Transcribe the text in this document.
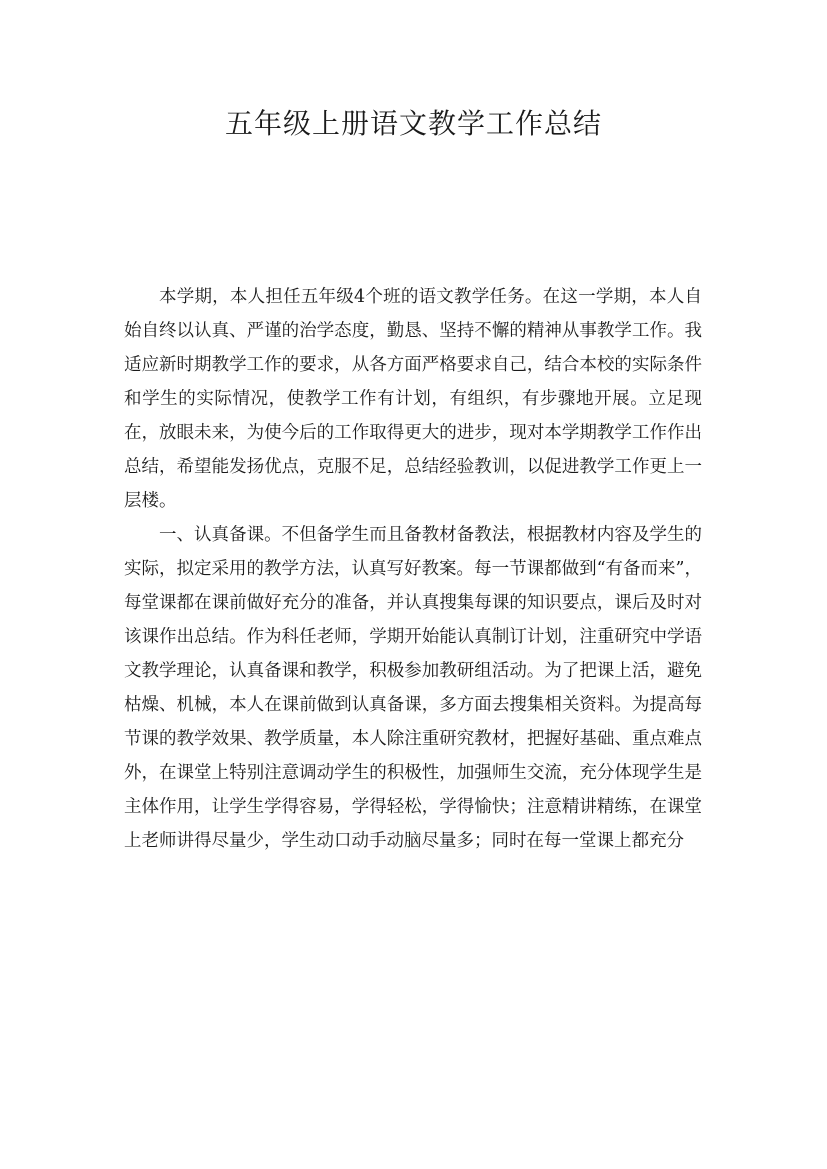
五年级上册语文教学工作总结

本学期，本人担任五年级4个班的语文教学任务。在这一学期，本人自始自终以认真、严谨的治学态度，勤恳、坚持不懈的精神从事教学工作。我适应新时期教学工作的要求，从各方面严格要求自己，结合本校的实际条件和学生的实际情况，使教学工作有计划，有组织，有步骤地开展。立足现在，放眼未来，为使今后的工作取得更大的进步，现对本学期教学工作作出总结，希望能发扬优点，克服不足，总结经验教训，以促进教学工作更上一层楼。

一、认真备课。不但备学生而且备教材备教法，根据教材内容及学生的实际，拟定采用的教学方法，认真写好教案。每一节课都做到“有备而来”，每堂课都在课前做好充分的准备，并认真搜集每课的知识要点，课后及时对该课作出总结。作为科任老师，学期开始能认真制订计划，注重研究中学语文教学理论，认真备课和教学，积极参加教研组活动。为了把课上活，避免枯燥、机械，本人在课前做到认真备课，多方面去搜集相关资料。为提高每节课的教学效果、教学质量，本人除注重研究教材，把握好基础、重点难点外，在课堂上特别注意调动学生的积极性，加强师生交流，充分体现学生是主体作用，让学生学得容易，学得轻松，学得愉快；注意精讲精练，在课堂上老师讲得尽量少，学生动口动手动脑尽量多；同时在每一堂课上都充分
